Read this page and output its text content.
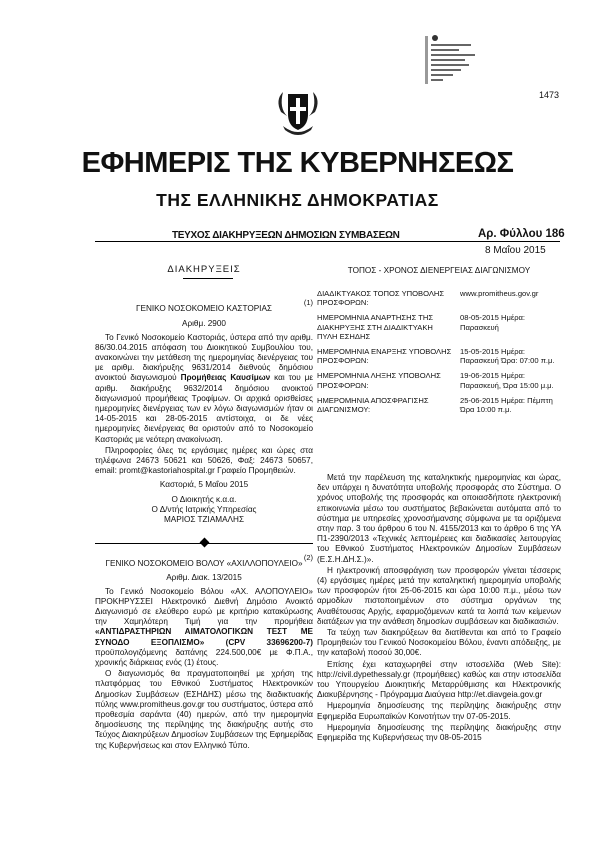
1473
ΕΦΗΜΕΡΙΣ ΤΗΣ ΚΥΒΕΡΝΗΣΕΩΣ
ΤΗΣ ΕΛΛΗΝΙΚΗΣ ΔΗΜΟΚΡΑΤΙΑΣ
ΤΕΥΧΟΣ ΔΙΑΚΗΡΥΞΕΩΝ ΔΗΜΟΣΙΩΝ ΣΥΜΒΑΣΕΩΝ	Αρ. Φύλλου 186
8 Μαΐου 2015
ΔΙΑΚΗΡΥΞΕΙΣ
(1)
ΓΕΝΙΚΟ ΝΟΣΟΚΟΜΕΙΟ ΚΑΣΤΟΡΙΑΣ
Αριθμ. 2900

Το Γενικό Νοσοκομείο Καστοριάς, ύστερα από την αριθμ. 86/30.04.2015 απόφαση του Διοικητικού Συμβουλίου του, ανακοινώνει την μετάθεση της ημερομηνίας διενέργειας του με αριθμ. διακήρυξης 9631/2014 διεθνούς δημόσιου ανοικτού διαγωνισμού Προμήθειας Καυσίμων και του με αριθμ. διακήρυξης 9632/2014 δημόσιου ανοικτού διαγωνισμού προμήθειας Τροφίμων. Οι αρχικά ορισθείσες ημερομηνίες διενέργειας των εν λόγω διαγωνισμών ήταν οι 14-05-2015 και 28-05-2015 αντίστοιχα, οι δε νέες ημερομηνίες διενέργειας θα οριστούν από το Νοσοκομείο Καστοριάς με νεότερη ανακοίνωση.

Πληροφορίες όλες τις εργάσιμες ημέρες και ώρες στα τηλέφωνα 24673 50621 και 50626, Φαξ: 24673 50657, email: promt@kastoriahospital.gr Γραφείο Προμηθειών.

Καστοριά, 5 Μαΐου 2015
Ο Διοικητής κ.α.α.
Ο Δ/ντής Ιατρικής Υπηρεσίας
ΜΑΡΙΟΣ ΤΖΙΑΜΑΛΗΣ
(2)
ΓΕΝΙΚΟ ΝΟΣΟΚΟΜΕΙΟ ΒΟΛΟΥ «ΑΧΙΛΛΟΠΟΥΛΕΙΟ»
Αριθμ. Διακ. 13/2015

Το Γενικό Νοσοκομείο Βόλου «ΑΧ. ΑΛΟΠΟΥΛΕΙΟ» ΠΡΟΚΗΡΥΣΣΕΙ Ηλεκτρονικό Διεθνή Δημόσιο Ανοικτό Διαγωνισμό σε ελεύθερο ευρώ με κριτήριο κατακύρωσης την Χαμηλότερη Τιμή για την προμήθεια «ΑΝΤΙΔΡΑΣΤΗΡΙΩΝ ΑΙΜΑΤΟΛΟΓΙΚΩΝ ΤΕΣΤ ΜΕ ΣΥΝΟΔΟ ΕΞΟΠΛΙΣΜΟ» (CPV 33696200-7) προϋπολογιζόμενης δαπάνης 224.500,00€ με Φ.Π.Α., χρονικής διάρκειας ενός (1) έτους.

Ο διαγωνισμός θα πραγματοποιηθεί με χρήση της πλατφόρμας του Εθνικού Συστήματος Ηλεκτρονικών Δημοσίων Συμβάσεων (ΕΣΗΔΗΣ) μέσω της διαδικτυακής πύλης www.promitheus.gov.gr του συστήματος, ύστερα από προθεσμία σαράντα (40) ημερών, από την ημερομηνία δημοσίευσης της περίληψης της διακήρυξης αυτής στο Τεύχος Διακηρύξεων Δημοσίων Συμβάσεων της Εφημερίδας της Κυβερνήσεως και στον Ελληνικό Τύπο.

ΤΟΠΟΣ - ΧΡΟΝΟΣ ΔΙΕΝΕΡΓΕΙΑΣ ΔΙΑΓΩΝΙΣΜΟΥ
ΔΙΑΔΙΚΤΥΑΚΟΣ ΤΟΠΟΣ ΥΠΟΒΟΛΗΣ ΠΡΟΣΦΟΡΩΝ:	www.promitheus.gov.gr
ΗΜΕΡΟΜΗΝΙΑ ΑΝΑΡΤΗΣΗΣ ΤΗΣ ΔΙΑΚΗΡΥΞΗΣ ΣΤΗ ΔΙΑΔΙΚΤΥΑΚΗ ΠΥΛΗ ΕΣΗΔΗΣ	08-05-2015 Ημέρα: Παρασκευή
ΗΜΕΡΟΜΗΝΙΑ ΕΝΑΡΞΗΣ ΥΠΟΒΟΛΗΣ ΠΡΟΣΦΟΡΩΝ:	15-05-2015 Ημέρα: Παρασκευή Ώρα: 07:00 π.μ.
ΗΜΕΡΟΜΗΝΙΑ ΛΗΞΗΣ ΥΠΟΒΟΛΗΣ ΠΡΟΣΦΟΡΩΝ:	19-06-2015 Ημέρα: Παρασκευή, Ώρα 15:00 μ.μ.
ΗΜΕΡΟΜΗΝΙΑ ΑΠΟΣΦΡΑΓΙΣΗΣ ΔΙΑΓΩΝΙΣΜΟΥ:	25-06-2015 Ημέρα: Πέμπτη Ώρα 10:00 π.μ.

Μετά την παρέλευση της καταληκτικής ημερομηνίας και ώρας, δεν υπάρχει η δυνατότητα υποβολής προσφοράς στο Σύστημα. Ο χρόνος υποβολής της προσφοράς και οποιασδήποτε ηλεκτρονική επικοινωνία μέσω του συστήματος βεβαιώνεται αυτόματα από το σύστημα με υπηρεσίες χρονοσήμανσης σύμφωνα με τα οριζόμενα στην παρ. 3 του άρθρου 6 του Ν. 4155/2013 και το άρθρο 6 της ΥΑ Π1-2390/2013 «Τεχνικές λεπτομέρειες και διαδικασίες λειτουργίας του Εθνικού Συστήματος Ηλεκτρονικών Δημοσίων Συμβάσεων (Ε.Σ.Η.ΔΗ.Σ.)».

Η ηλεκτρονική αποσφράγιση των προσφορών γίνεται τέσσερις (4) εργάσιμες ημέρες μετά την καταληκτική ημερομηνία υποβολής των προσφορών ήτοι 25-06-2015 και ώρα 10:00 π.μ., μέσω των αρμοδίων πιστοποιημένων στο σύστημα οργάνων της Αναθέτουσας Αρχής, εφαρμοζόμενων κατά τα λοιπά των κείμενων διατάξεων για την ανάθεση δημοσίων συμβάσεων και διαδικασιών.

Τα τεύχη των διακηρύξεων θα διατίθενται και από το Γραφείο Προμηθειών του Γενικού Νοσοκομείου Βόλου, έναντι απόδειξης, με την καταβολή ποσού 30,00€.

Επίσης έχει καταχωρηθεί στην ιστοσελίδα (Web Site): http://civil.dypethessaly.gr (προμήθειες) καθώς και στην ιστοσελίδα του Υπουργείου Διοικητικής Μεταρρύθμισης και Ηλεκτρονικής Διακυβέρνησης - Πρόγραμμα Διαύγεια http://et.diavgeia.gov.gr

Ημερομηνία δημοσίευσης της περίληψης διακήρυξης στην Εφημερίδα Ευρωπαϊκών Κοινοτήτων την 07-05-2015.

Ημερομηνία δημοσίευσης της περίληψης διακήρυξης στην Εφημερίδα της Κυβερνήσεως την 08-05-2015
